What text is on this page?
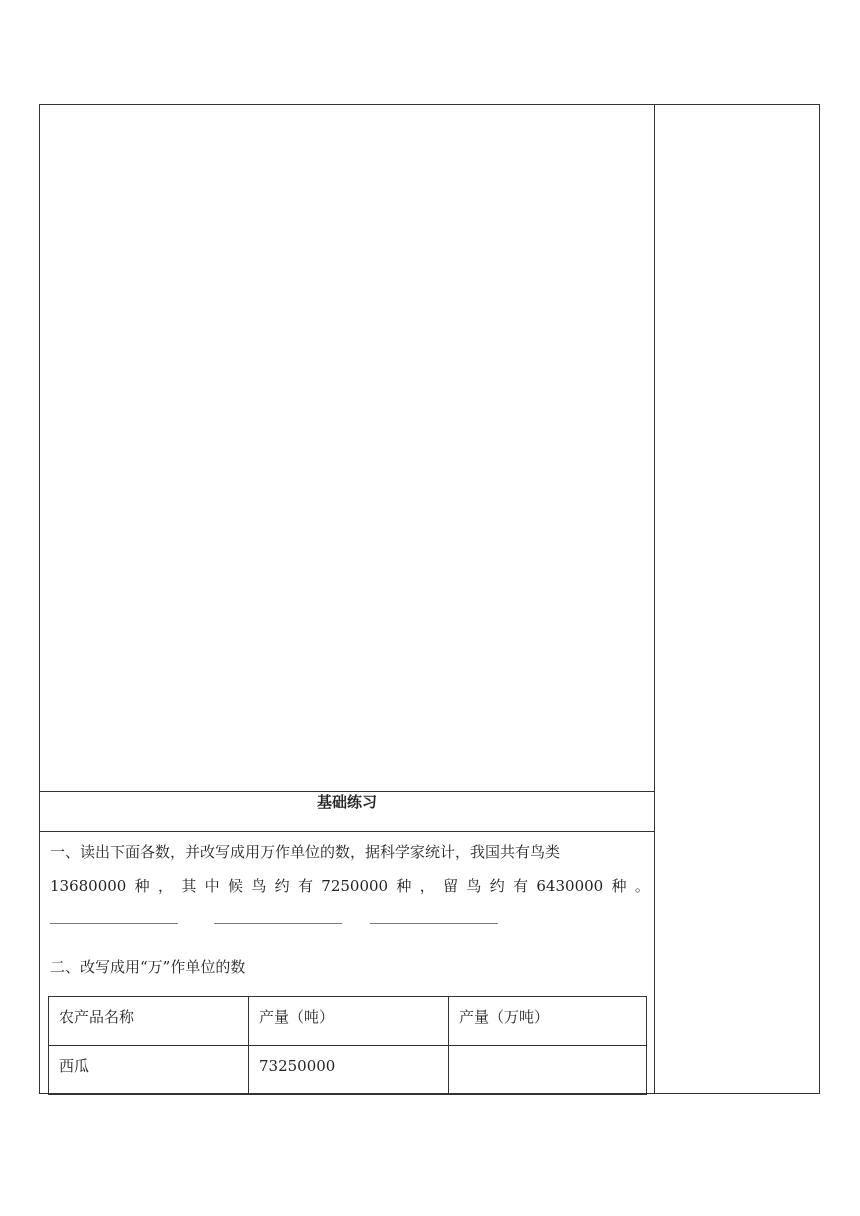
基础练习
一、读出下面各数，并改写成用万作单位的数，据科学家统计，我国共有鸟类
13680000 种 ， 其 中 候 鸟 约 有 7250000 种 ， 留 鸟 约 有 6430000 种 。
二、改写成用“万”作单位的数
农产品名称	产量（吨）	产量（万吨）
西瓜	73250000	
